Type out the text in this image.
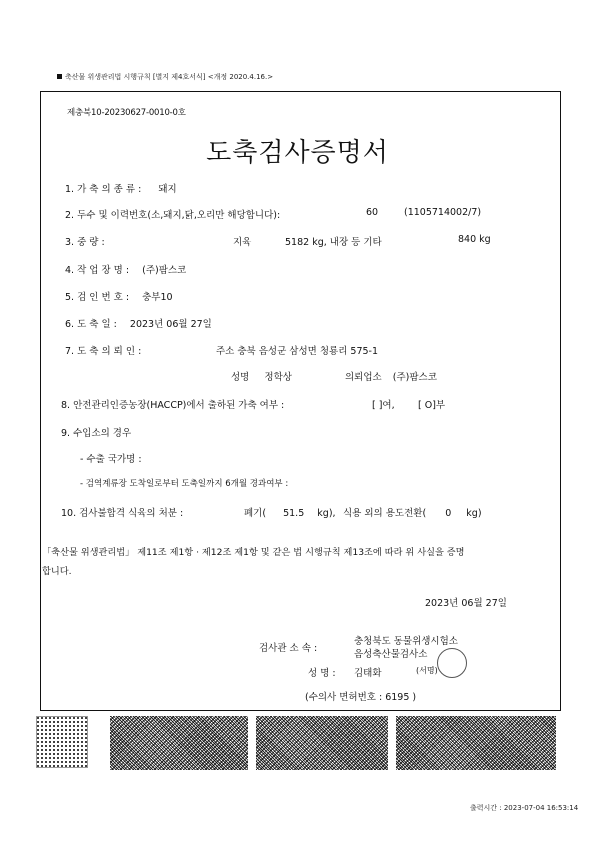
축산물 위생관리법 시행규칙 [별지 제4호서식] <개정 2020.4.16.>
제충북10-20230627-0010-0호
도축검사증명서
1. 가 축 의 종 류 : 돼지
2. 두수 및 이력번호(소,돼지,닭,오리만 해당합니다):	60	(1105714002/7)
3. 중 량 :	지육	5182 kg, 내장 등 기타	840 kg
4. 작 업 장 명 : (주)팜스코
5. 검 인 번 호 : 충부10
6. 도 축 일 : 2023년 06월 27일
7. 도 축 의 뢰 인 :	주소 충북 음성군 삼성면 청룡리 575-1
성명 정학상	의뢰업소 (주)팜스코
8. 안전관리인증농장(HACCP)에서 출하된 가축 여부 :	[ ]여, [ O]부
9. 수입소의 경우
- 수출 국가명 :
- 검역계류장 도착일로부터 도축일까지 6개월 경과여부 :
10. 검사불합격 식육의 처분 :	폐기( 51.5 kg), 식용 외의 용도전환( 0 kg)
「축산물 위생관리법」 제11조 제1항 · 제12조 제1항 및 같은 법 시행규칙 제13조에 따라 위 사실을 증명
합니다.
2023년 06월 27일
검사관 소 속 :
충청북도 동물위생시험소
음성축산물검사소
성 명 : 김태화	(서명)
(수의사 면허번호 : 6195 )
출력시간 : 2023-07-04 16:53:14
